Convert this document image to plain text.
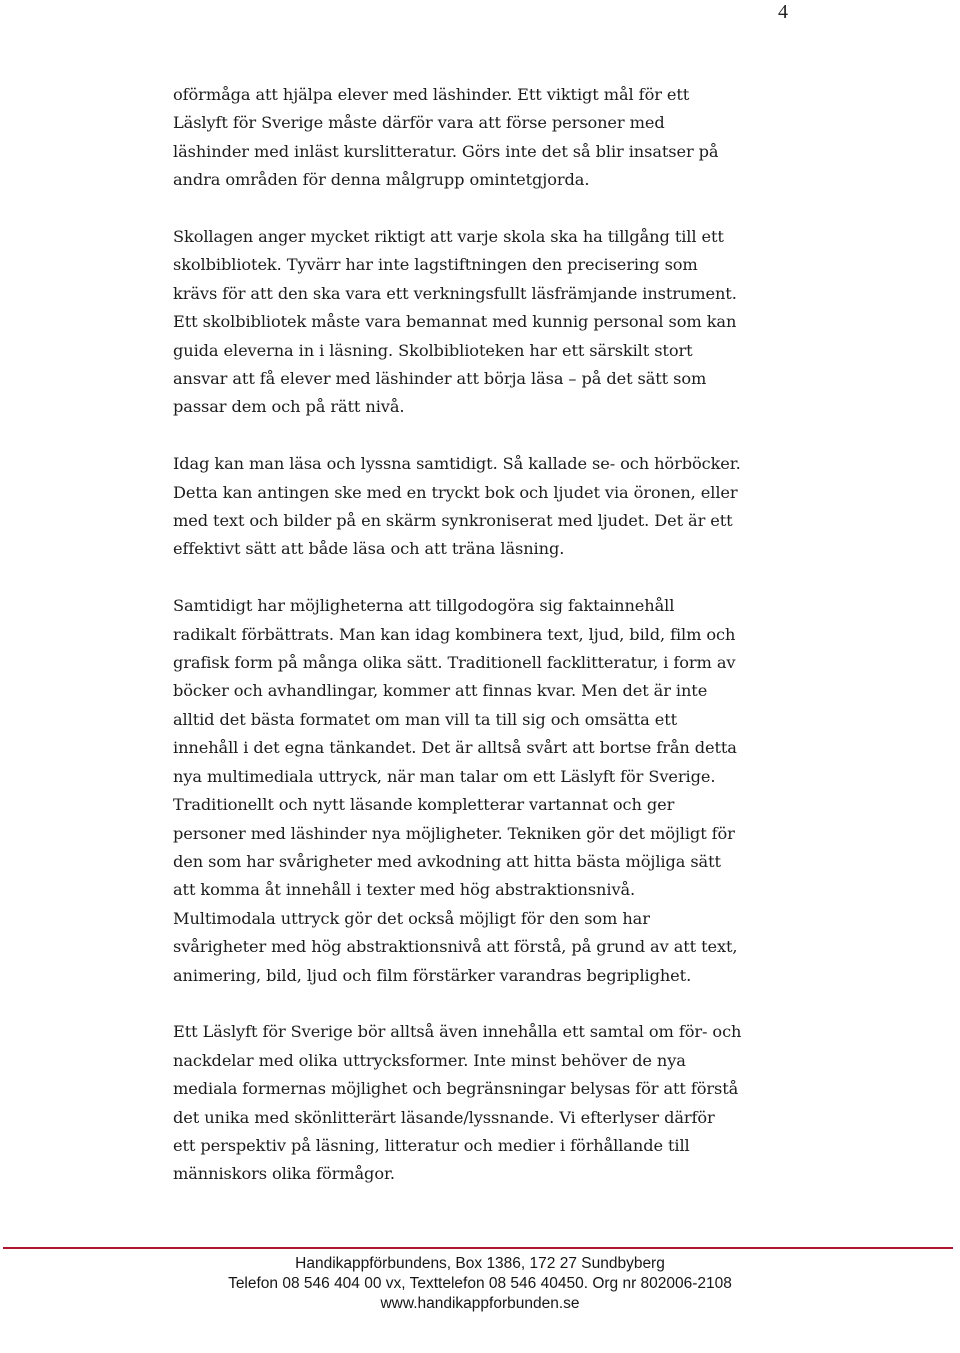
4

oförmåga att hjälpa elever med läshinder. Ett viktigt mål för ett
Läslyft för Sverige måste därför vara att förse personer med
läshinder med inläst kurslitteratur. Görs inte det så blir insatser på
andra områden för denna målgrupp omintetgjorda.

Skollagen anger mycket riktigt att varje skola ska ha tillgång till ett
skolbibliotek. Tyvärr har inte lagstiftningen den precisering som
krävs för att den ska vara ett verkningsfullt läsfrämjande instrument.
Ett skolbibliotek måste vara bemannat med kunnig personal som kan
guida eleverna in i läsning. Skolbiblioteken har ett särskilt stort
ansvar att få elever med läshinder att börja läsa – på det sätt som
passar dem och på rätt nivå.

Idag kan man läsa och lyssna samtidigt. Så kallade se- och hörböcker.
Detta kan antingen ske med en tryckt bok och ljudet via öronen, eller
med text och bilder på en skärm synkroniserat med ljudet. Det är ett
effektivt sätt att både läsa och att träna läsning.

Samtidigt har möjligheterna att tillgodogöra sig faktainnehåll
radikalt förbättrats. Man kan idag kombinera text, ljud, bild, film och
grafisk form på många olika sätt. Traditionell facklitteratur, i form av
böcker och avhandlingar, kommer att finnas kvar. Men det är inte
alltid det bästa formatet om man vill ta till sig och omsätta ett
innehåll i det egna tänkandet. Det är alltså svårt att bortse från detta
nya multimediala uttryck, när man talar om ett Läslyft för Sverige.
Traditionellt och nytt läsande kompletterar vartannat och ger
personer med läshinder nya möjligheter. Tekniken gör det möjligt för
den som har svårigheter med avkodning att hitta bästa möjliga sätt
att komma åt innehåll i texter med hög abstraktionsnivå.
Multimodala uttryck gör det också möjligt för den som har
svårigheter med hög abstraktionsnivå att förstå, på grund av att text,
animering, bild, ljud och film förstärker varandras begriplighet.

Ett Läslyft för Sverige bör alltså även innehålla ett samtal om för- och
nackdelar med olika uttrycksformer. Inte minst behöver de nya
mediala formernas möjlighet och begränsningar belysas för att förstå
det unika med skönlitterärt läsande/lyssnande. Vi efterlyser därför
ett perspektiv på läsning, litteratur och medier i förhållande till
människors olika förmågor.

Handikappförbundens, Box 1386, 172 27 Sundbyberg
Telefon 08 546 404 00 vx, Texttelefon 08 546 40450. Org nr 802006-2108
www.handikappforbunden.se
